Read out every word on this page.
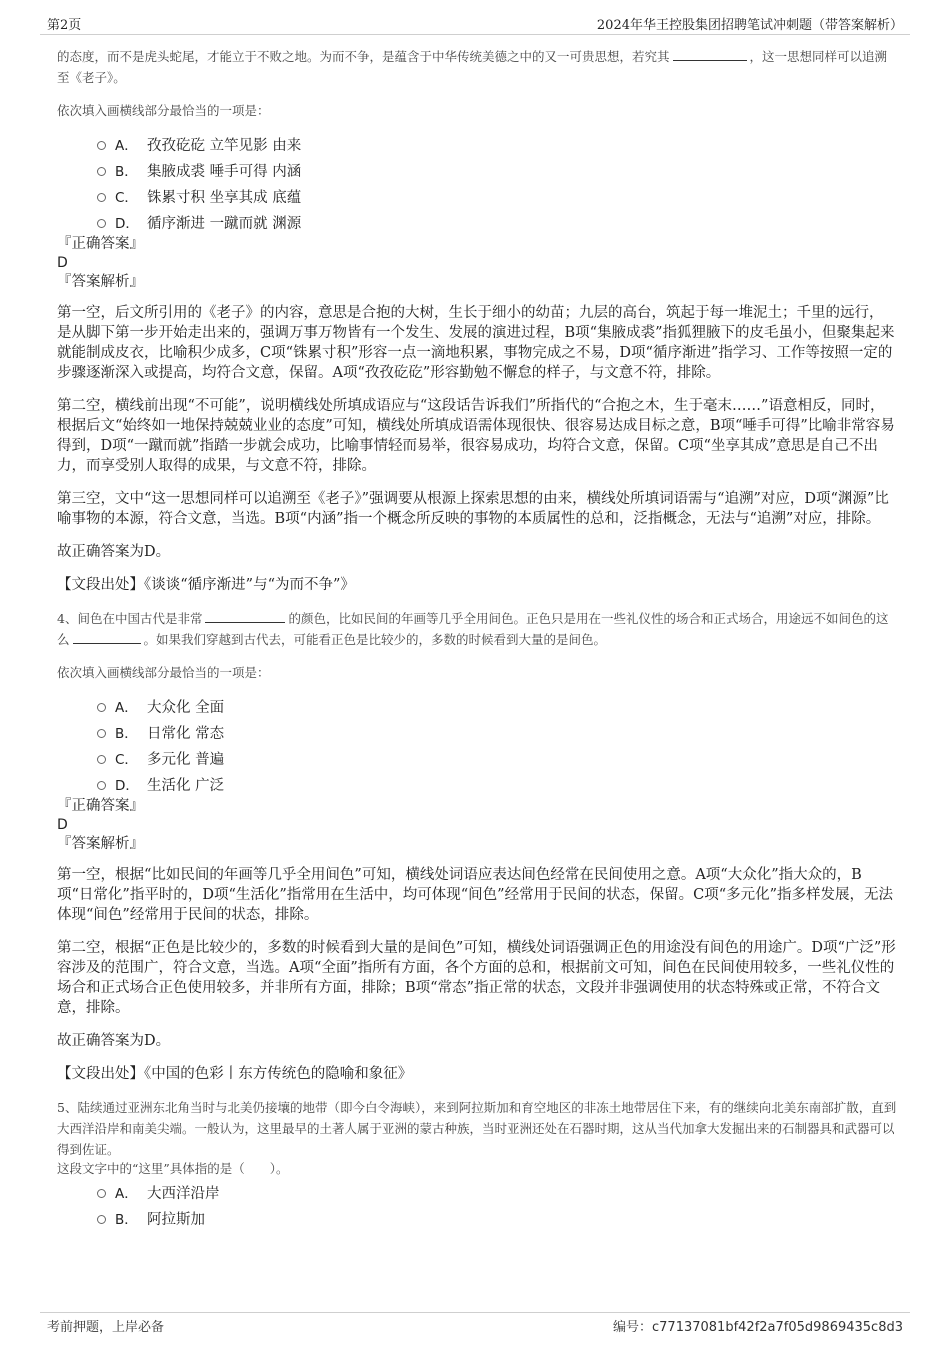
第2页	2024年华王控股集团招聘笔试冲刺题（带答案解析）

的态度，而不是虎头蛇尾，才能立于不败之地。为而不争，是蕴含于中华传统美德之中的又一可贵思想，若究其	，这一思想同样可以追溯至《老子》。

依次填入画横线部分最恰当的一项是：

A． 孜孜矻矻 立竿见影 由来
B． 集腋成裘 唾手可得 内涵
C． 铢累寸积 坐享其成 底蕴
D． 循序渐进 一蹴而就 渊源

『正确答案』

D

『答案解析』

第一空，后文所引用的《老子》的内容，意思是合抱的大树，生长于细小的幼苗；九层的高台，筑起于每一堆泥土；千里的远行，是从脚下第一步开始走出来的，强调万事万物皆有一个发生、发展的演进过程，B项“集腋成裘”指狐狸腋下的皮毛虽小，但聚集起来就能制成皮衣，比喻积少成多，C项“铢累寸积”形容一点一滴地积累，事物完成之不易，D项“循序渐进”指学习、工作等按照一定的步骤逐渐深入或提高，均符合文意，保留。A项“孜孜矻矻”形容勤勉不懈怠的样子，与文意不符，排除。

第二空，横线前出现“不可能”，说明横线处所填成语应与“这段话告诉我们”所指代的“合抱之木，生于毫末……”语意相反，同时，根据后文“始终如一地保持兢兢业业的态度”可知，横线处所填成语需体现很快、很容易达成目标之意，B项“唾手可得”比喻非常容易得到，D项“一蹴而就”指踏一步就会成功，比喻事情轻而易举，很容易成功，均符合文意，保留。C项“坐享其成”意思是自己不出力，而享受别人取得的成果，与文意不符，排除。

第三空，文中“这一思想同样可以追溯至《老子》”强调要从根源上探索思想的由来，横线处所填词语需与“追溯”对应，D项“渊源”比喻事物的本源，符合文意，当选。B项“内涵”指一个概念所反映的事物的本质属性的总和，泛指概念，无法与“追溯”对应，排除。

故正确答案为D。

【文段出处】《谈谈“循序渐进”与“为而不争”》

4、间色在中国古代是非常	的颜色，比如民间的年画等几乎全用间色。正色只是用在一些礼仪性的场合和正式场合，用途远不如间色的这么	。如果我们穿越到古代去，可能看正色是比较少的，多数的时候看到大量的是间色。

依次填入画横线部分最恰当的一项是：

A． 大众化 全面
B． 日常化 常态
C． 多元化 普遍
D． 生活化 广泛

『正确答案』

D

『答案解析』

第一空，根据“比如民间的年画等几乎全用间色”可知，横线处词语应表达间色经常在民间使用之意。A项“大众化”指大众的，B项“日常化”指平时的，D项“生活化”指常用在生活中，均可体现“间色”经常用于民间的状态，保留。C项“多元化”指多样发展，无法体现“间色”经常用于民间的状态，排除。

第二空，根据“正色是比较少的，多数的时候看到大量的是间色”可知，横线处词语强调正色的用途没有间色的用途广。D项“广泛”形容涉及的范围广，符合文意，当选。A项“全面”指所有方面，各个方面的总和，根据前文可知，间色在民间使用较多，一些礼仪性的场合和正式场合正色使用较多，并非所有方面，排除；B项“常态”指正常的状态，文段并非强调使用的状态特殊或正常，不符合文意，排除。

故正确答案为D。

【文段出处】《中国的色彩丨东方传统色的隐喻和象征》

5、陆续通过亚洲东北角当时与北美仍接壤的地带（即今白令海峡），来到阿拉斯加和育空地区的非冻土地带居住下来，有的继续向北美东南部扩散，直到大西洋沿岸和南美尖端。一般认为，这里最早的土著人属于亚洲的蒙古种族，当时亚洲还处在石器时期，这从当代加拿大发掘出来的石制器具和武器可以得到佐证。

这段文字中的“这里”具体指的是（　　）。

A． 大西洋沿岸
B． 阿拉斯加
考前押题，上岸必备	编号：c77137081bf42f2a7f05d9869435c8d3
